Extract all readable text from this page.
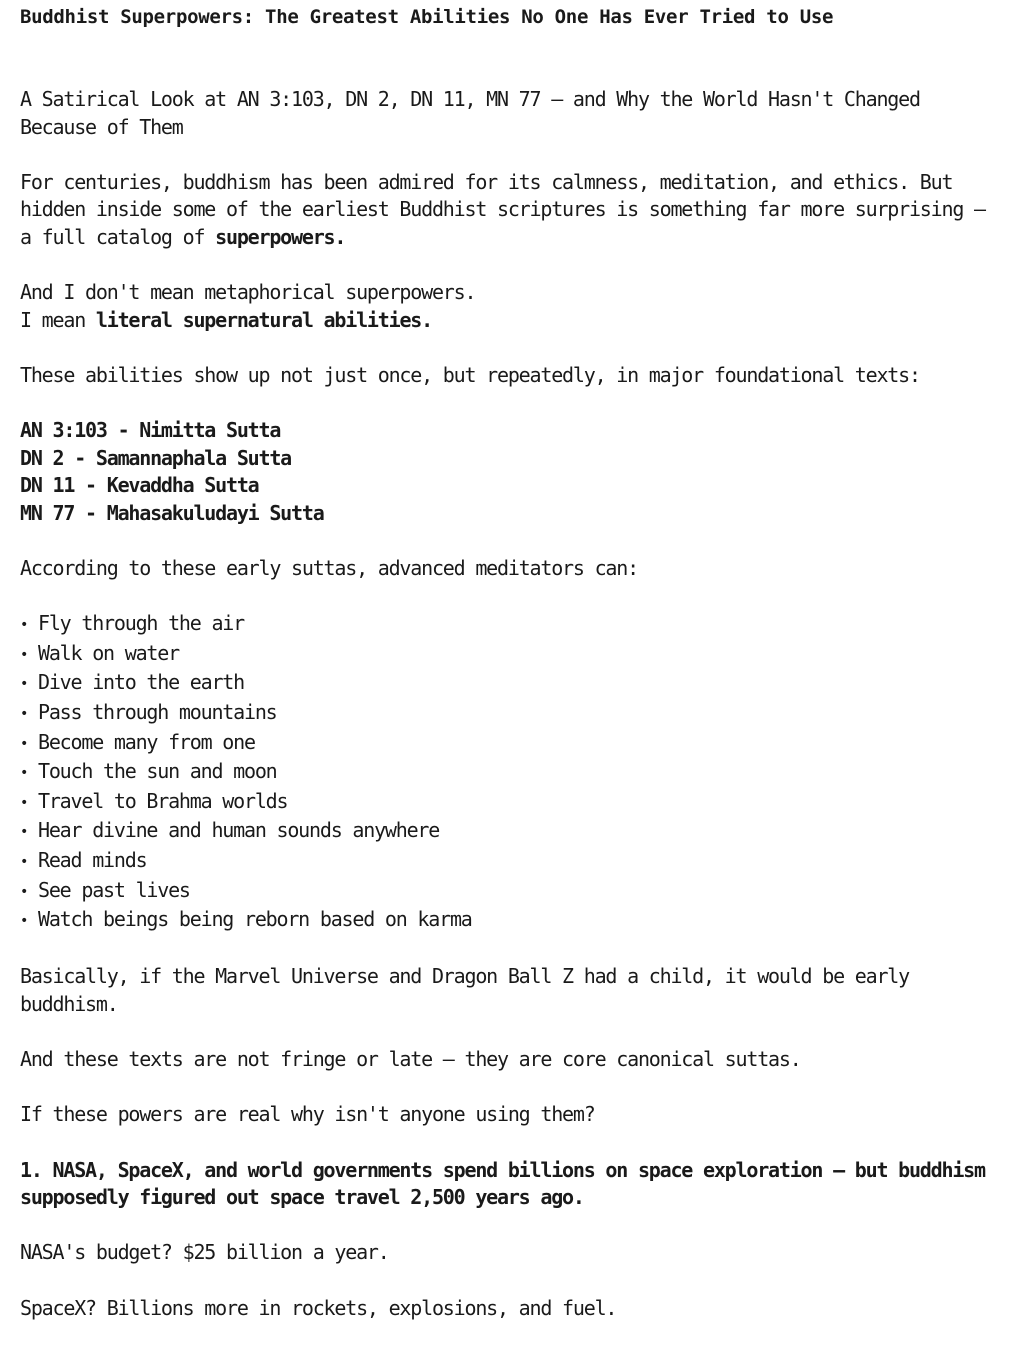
Buddhist Superpowers: The Greatest Abilities No One Has Ever Tried to Use

A Satirical Look at AN 3:103, DN 2, DN 11, MN 77 — and Why the World Hasn't Changed Because of Them

For centuries, buddhism has been admired for its calmness, meditation, and ethics. But hidden inside some of the earliest Buddhist scriptures is something far more surprising — a full catalog of superpowers.

And I don't mean metaphorical superpowers.
I mean literal supernatural abilities.

These abilities show up not just once, but repeatedly, in major foundational texts:

AN 3:103 - Nimitta Sutta
DN 2 - Samannaphala Sutta
DN 11 - Kevaddha Sutta
MN 77 - Mahasakuludayi Sutta

According to these early suttas, advanced meditators can:

• Fly through the air
• Walk on water
• Dive into the earth
• Pass through mountains
• Become many from one
• Touch the sun and moon
• Travel to Brahma worlds
• Hear divine and human sounds anywhere
• Read minds
• See past lives
• Watch beings being reborn based on karma

Basically, if the Marvel Universe and Dragon Ball Z had a child, it would be early buddhism.

And these texts are not fringe or late — they are core canonical suttas.

If these powers are real why isn't anyone using them?

1. NASA, SpaceX, and world governments spend billions on space exploration — but buddhism supposedly figured out space travel 2,500 years ago.

NASA's budget? $25 billion a year.

SpaceX? Billions more in rockets, explosions, and fuel.
